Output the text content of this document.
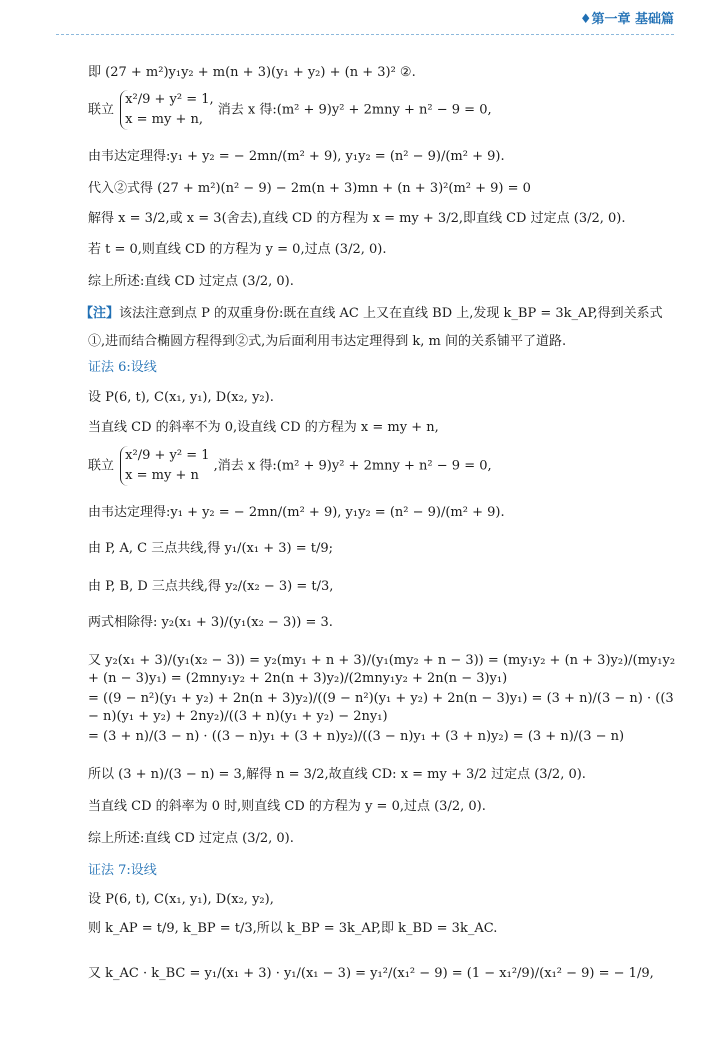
♦第一章 基础篇
即 (27 + m²)y₁y₂ + m(n + 3)(y₁ + y₂) + (n + 3)² ②.
联立
x²/9 + y² = 1,
x = my + n,
消去 x 得:(m² + 9)y² + 2mny + n² − 9 = 0,
由韦达定理得:y₁ + y₂ = − 2mn/(m² + 9), y₁y₂ = (n² − 9)/(m² + 9).
代入②式得 (27 + m²)(n² − 9) − 2m(n + 3)mn + (n + 3)²(m² + 9) = 0
解得 x = 3/2,或 x = 3(舍去),直线 CD 的方程为 x = my + 3/2,即直线 CD 过定点 (3/2, 0).
若 t = 0,则直线 CD 的方程为 y = 0,过点 (3/2, 0).
综上所述:直线 CD 过定点 (3/2, 0).
【注】该法注意到点 P 的双重身份:既在直线 AC 上又在直线 BD 上,发现 k_BP = 3k_AP,得到关系式
①,进而结合椭圆方程得到②式,为后面利用韦达定理得到 k, m 间的关系铺平了道路.
证法 6:设线
设 P(6, t), C(x₁, y₁), D(x₂, y₂).
当直线 CD 的斜率不为 0,设直线 CD 的方程为 x = my + n,
联立
x²/9 + y² = 1
x = my + n
,消去 x 得:(m² + 9)y² + 2mny + n² − 9 = 0,
由韦达定理得:y₁ + y₂ = − 2mn/(m² + 9), y₁y₂ = (n² − 9)/(m² + 9).
由 P, A, C 三点共线,得 y₁/(x₁ + 3) = t/9;
由 P, B, D 三点共线,得 y₂/(x₂ − 3) = t/3,
两式相除得: y₂(x₁ + 3)/(y₁(x₂ − 3)) = 3.
又 y₂(x₁ + 3)/(y₁(x₂ − 3)) = y₂(my₁ + n + 3)/(y₁(my₂ + n − 3)) = (my₁y₂ + (n + 3)y₂)/(my₁y₂ + (n − 3)y₁) = (2mny₁y₂ + 2n(n + 3)y₂)/(2mny₁y₂ + 2n(n − 3)y₁)
= ((9 − n²)(y₁ + y₂) + 2n(n + 3)y₂)/((9 − n²)(y₁ + y₂) + 2n(n − 3)y₁) = (3 + n)/(3 − n) · ((3 − n)(y₁ + y₂) + 2ny₂)/((3 + n)(y₁ + y₂) − 2ny₁)
= (3 + n)/(3 − n) · ((3 − n)y₁ + (3 + n)y₂)/((3 − n)y₁ + (3 + n)y₂) = (3 + n)/(3 − n)
所以 (3 + n)/(3 − n) = 3,解得 n = 3/2,故直线 CD: x = my + 3/2 过定点 (3/2, 0).
当直线 CD 的斜率为 0 时,则直线 CD 的方程为 y = 0,过点 (3/2, 0).
综上所述:直线 CD 过定点 (3/2, 0).
证法 7:设线
设 P(6, t), C(x₁, y₁), D(x₂, y₂),
则 k_AP = t/9, k_BP = t/3,所以 k_BP = 3k_AP,即 k_BD = 3k_AC.
又 k_AC · k_BC = y₁/(x₁ + 3) · y₁/(x₁ − 3) = y₁²/(x₁² − 9) = (1 − x₁²/9)/(x₁² − 9) = − 1/9,
